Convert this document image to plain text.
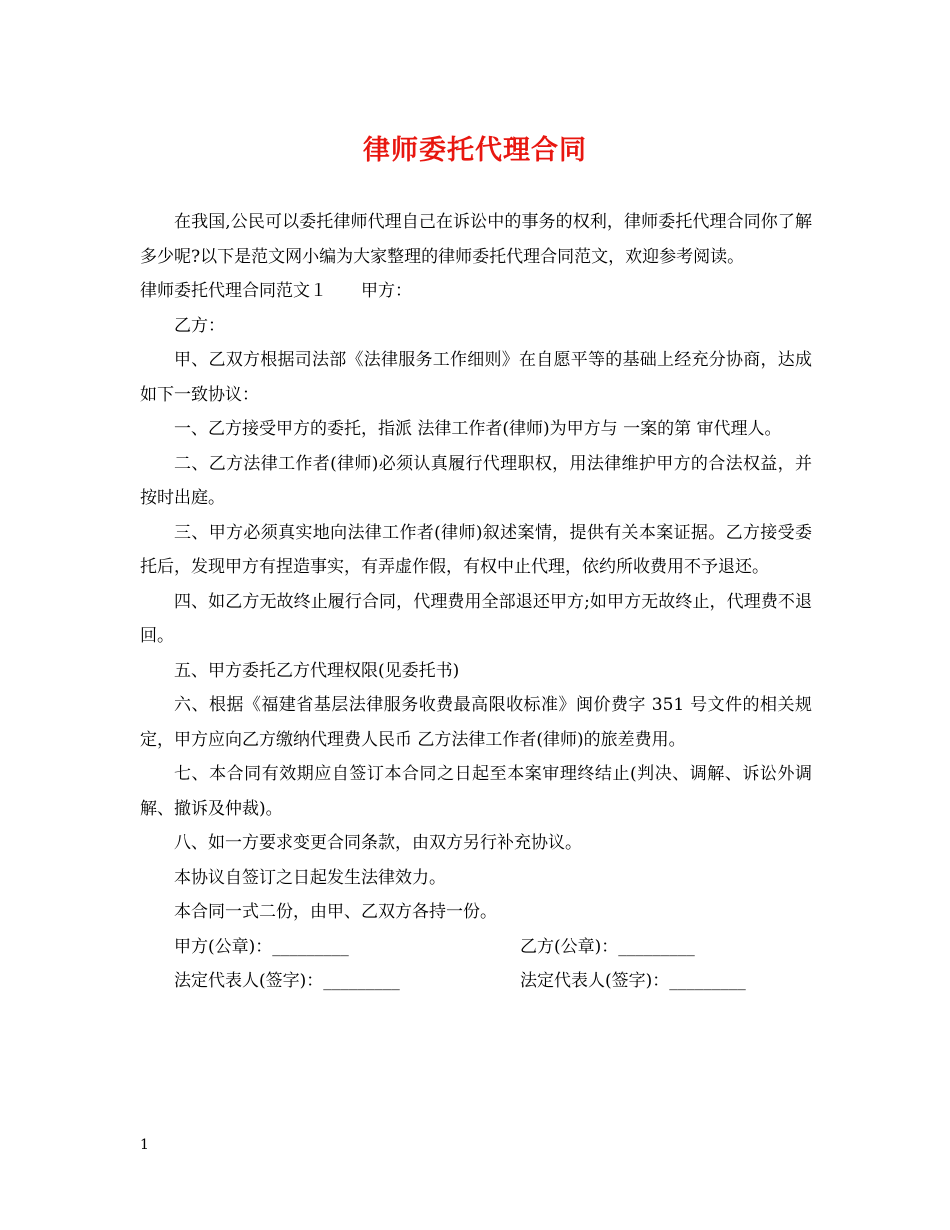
律师委托代理合同

在我国,公民可以委托律师代理自己在诉讼中的事务的权利，律师委托代理合同你了解多少呢?以下是范文网小编为大家整理的律师委托代理合同范文，欢迎参考阅读。

律师委托代理合同范文１ 甲方：

乙方：

甲、乙双方根据司法部《法律服务工作细则》在自愿平等的基础上经充分协商，达成如下一致协议：

一、乙方接受甲方的委托，指派 法律工作者(律师)为甲方与 一案的第 审代理人。

二、乙方法律工作者(律师)必须认真履行代理职权，用法律维护甲方的合法权益，并按时出庭。

三、甲方必须真实地向法律工作者(律师)叙述案情，提供有关本案证据。乙方接受委托后，发现甲方有捏造事实，有弄虚作假，有权中止代理，依约所收费用不予退还。

四、如乙方无故终止履行合同，代理费用全部退还甲方;如甲方无故终止，代理费不退回。

五、甲方委托乙方代理权限(见委托书)

六、根据《福建省基层法律服务收费最高限收标准》闽价费字 351 号文件的相关规定，甲方应向乙方缴纳代理费人民币 乙方法律工作者(律师)的旅差费用。

七、本合同有效期应自签订本合同之日起至本案审理终结止(判决、调解、诉讼外调解、撤诉及仲裁)。

八、如一方要求变更合同条款，由双方另行补充协议。

本协议自签订之日起发生法律效力。

本合同一式二份，由甲、乙双方各持一份。

甲方(公章)：_________	乙方(公章)：_________
法定代表人(签字)：_________	法定代表人(签字)：_________
1
